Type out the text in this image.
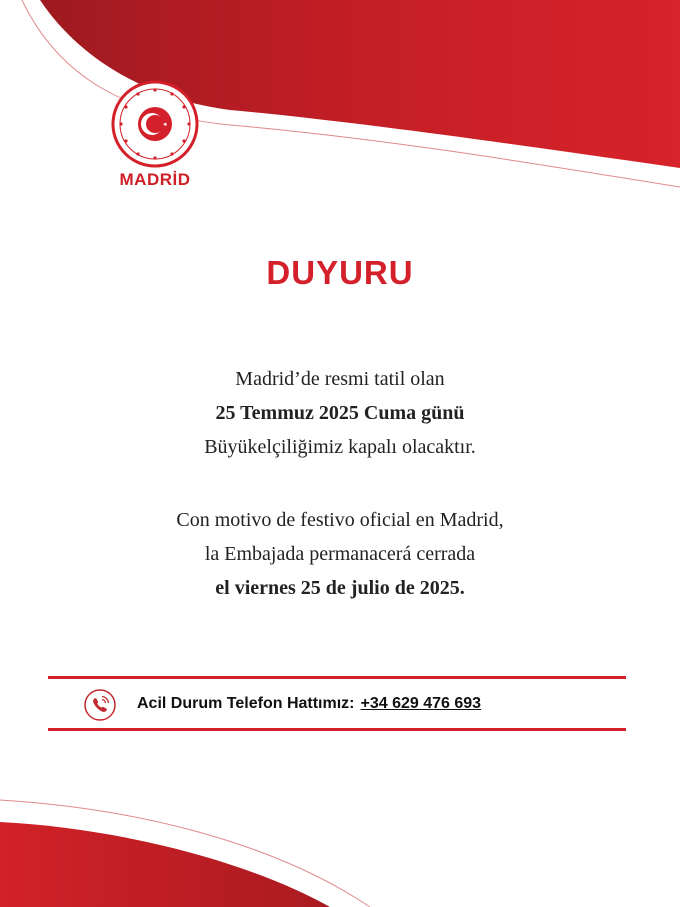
MADRİD
DUYURU
Madrid’de resmi tatil olan
25 Temmuz 2025 Cuma günü
Büyükelçiliğimiz kapalı olacaktır.
Con motivo de festivo oficial en Madrid,
la Embajada permanacerá cerrada
el viernes 25 de julio de 2025.
Acil Durum Telefon Hattımız: +34 629 476 693
